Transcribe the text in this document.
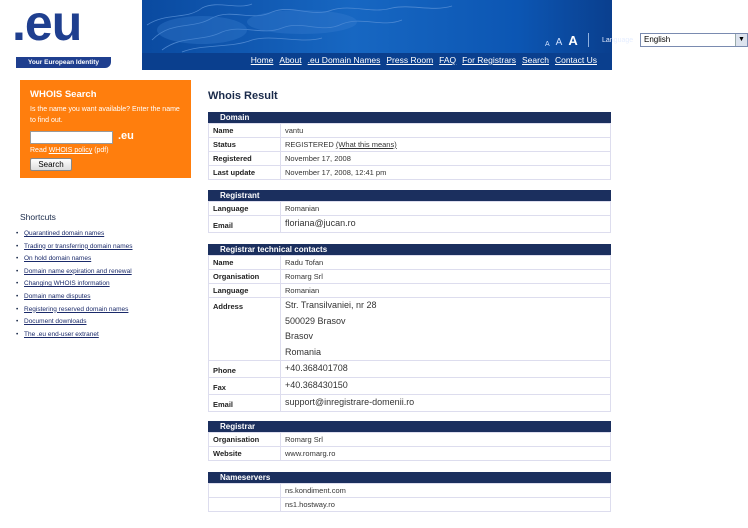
.eu
Your European Identity
A A A	Language	English	▼
Home About .eu Domain Names Press Room FAQ For Registrars Search Contact Us
WHOIS Search
Is the name you want available? Enter the name to find out.
.eu
Read WHOIS policy (pdf)
Search
Shortcuts
• Quarantined domain names
• Trading or transferring domain names
• On hold domain names
• Domain name expiration and renewal
• Changing WHOIS information
• Domain name disputes
• Registering reserved domain names
• Document downloads
• The .eu end-user extranet
Whois Result
Domain
Name	vantu
Status	REGISTERED (What this means)
Registered	November 17, 2008
Last update	November 17, 2008, 12:41 pm
Registrant
Language	Romanian
Email	floriana@jucan.ro
Registrar technical contacts
Name	Radu Tofan
Organisation	Romarg Srl
Language	Romanian
Address	Str. Transilvaniei, nr 28
500029 Brasov
Brasov
Romania

Phone	+40.368401708
Fax	+40.368430150
Email	support@inregistrare-domenii.ro
Registrar
Organisation	Romarg Srl
Website	www.romarg.ro
Nameservers
	ns.kondiment.com
	ns1.hostway.ro
